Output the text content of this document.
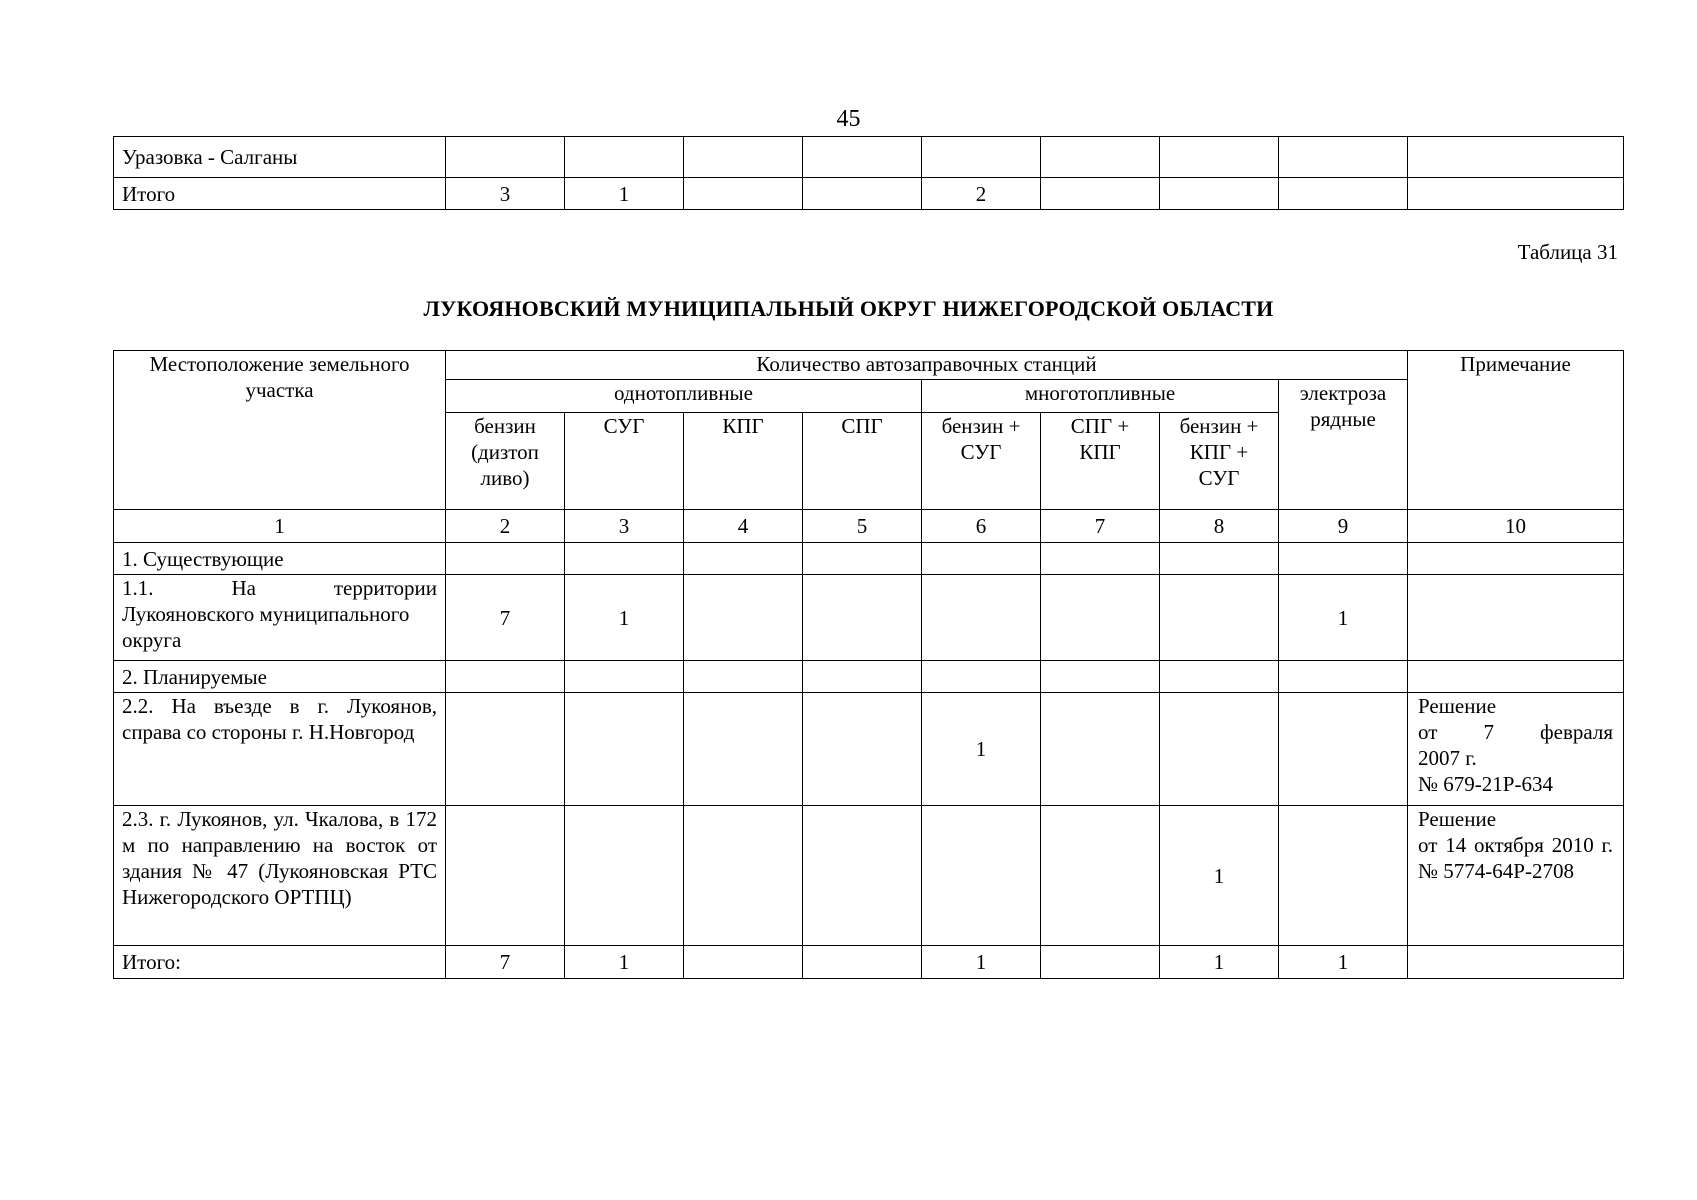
45
Уразовка - Салганы									
Итого	3	1			2				
Таблица 31
ЛУКОЯНОВСКИЙ МУНИЦИПАЛЬНЫЙ ОКРУГ НИЖЕГОРОДСКОЙ ОБЛАСТИ
Местоположение земельного участка	Количество автозаправочных станций								Примечание
	однотопливные				многотопливные			электроза рядные	
	бензин (дизтоп ливо)	СУГ	КПГ	СПГ	бензин + СУГ	СПГ + КПГ	бензин + КПГ + СУГ		
1	2	3	4	5	6	7	8	9	10
1. Существующие									

1.1. На территории
Лукояновского муниципального округа	7	1						1	
2. Планируемые									
2.2. На въезде в г. Лукоянов, справа со стороны г. Н.Новгород					1				Решение
от 7 февраля
2007 г.
№ 679-21Р-634

2.3. г. Лукоянов, ул. Чкалова, в 172 м по направлению на восток от здания № 47 (Лукояновская РТС Нижегородского ОРТПЦ)							1		Решение
от 14 октября 2010 г. № 5774-64Р-2708

Итого:	7	1			1		1	1	
